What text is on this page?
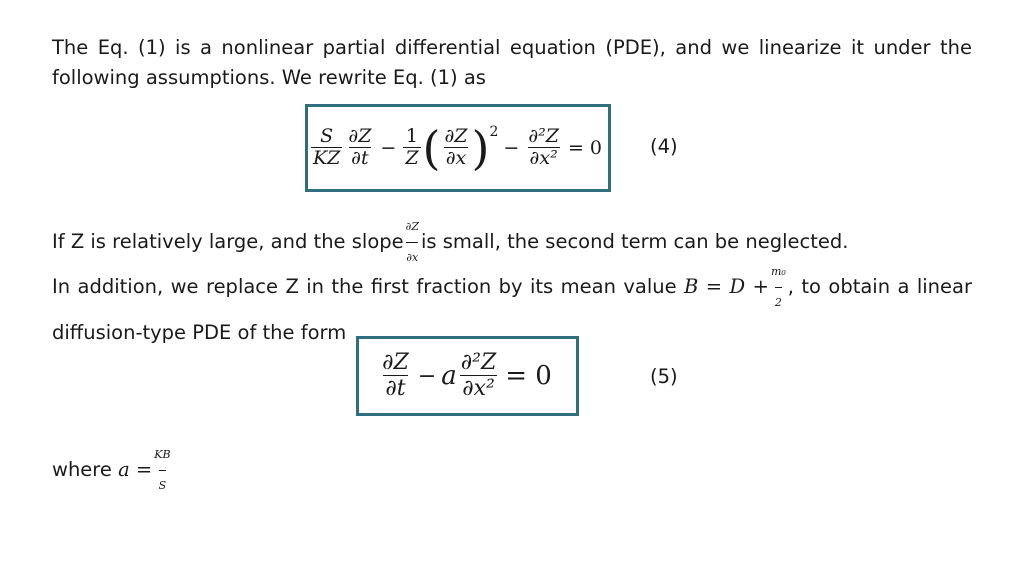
The Eq. (1) is a nonlinear partial differential equation (PDE), and we linearize it under the following assumptions. We rewrite Eq. (1) as
$\frac{S}{KZ} \frac{\partial Z}{\partial t} - \frac{1}{Z}$ ( $\frac{\partial Z}{\partial x} )^2$
− $\frac{\text{∂²Z}}{\text{∂x²}} = 0$ (4)
If Z is relatively large, and the slope $\frac{\partial Z}{\partial x}$ is small, the second term can be neglected.
In addition, we replace Z in the first fraction by its mean value $B = D + \frac{\text{m₀}}{2}$ , to obtain a linear diffusion-type PDE of the form
$\frac{\partial Z}{\partial t} - a \frac{\text{∂²Z}}{\text{∂x²}} = 0$	(5)
where $a = \frac{KB}{S}$
